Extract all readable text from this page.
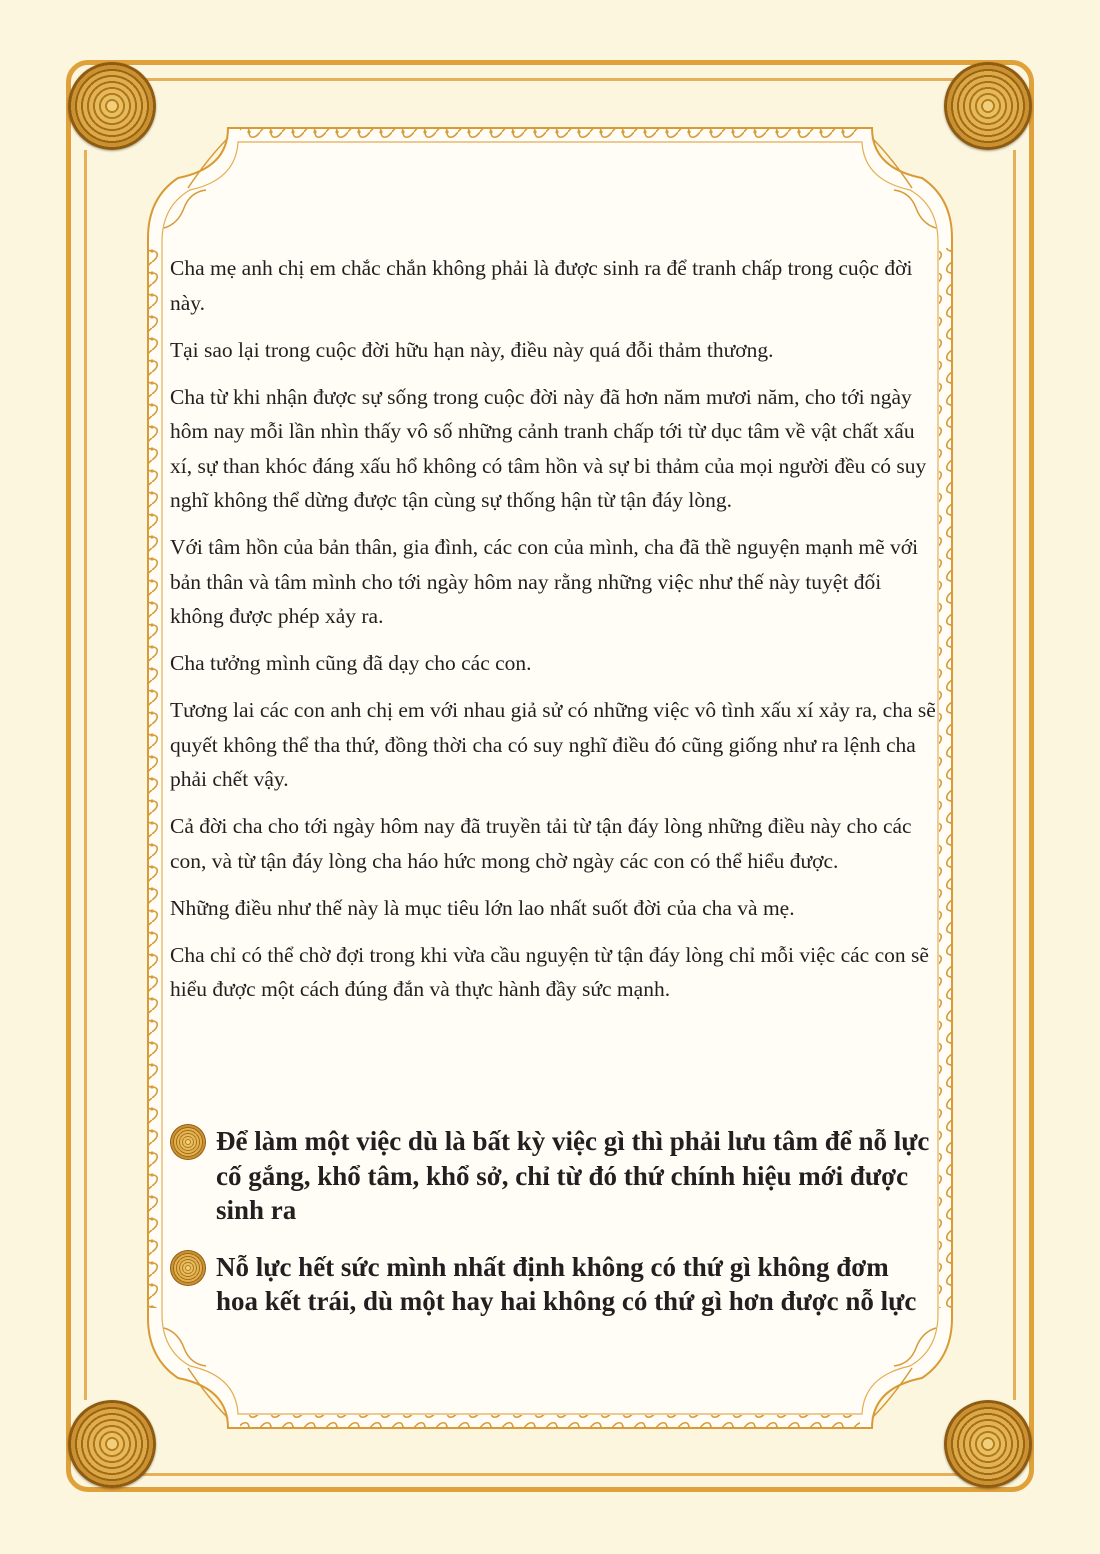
Cha mẹ anh chị em chắc chắn không phải là được sinh ra để tranh chấp trong cuộc đời này.

Tại sao lại trong cuộc đời hữu hạn này, điều này quá đỗi thảm thương.

Cha từ khi nhận được sự sống trong cuộc đời này đã hơn năm mươi năm, cho tới ngày hôm nay mỗi lần nhìn thấy vô số những cảnh tranh chấp tới từ dục tâm về vật chất xấu xí, sự than khóc đáng xấu hổ không có tâm hồn và sự bi thảm của mọi người đều có suy nghĩ không thể dừng được tận cùng sự thống hận từ tận đáy lòng.

Với tâm hồn của bản thân, gia đình, các con của mình, cha đã thề nguyện mạnh mẽ với bản thân và tâm mình cho tới ngày hôm nay rằng những việc như thế này tuyệt đối không được phép xảy ra.

Cha tưởng mình cũng đã dạy cho các con.

Tương lai các con anh chị em với nhau giả sử có những việc vô tình xấu xí xảy ra, cha sẽ quyết không thể tha thứ, đồng thời cha có suy nghĩ điều đó cũng giống như ra lệnh cha phải chết vậy.

Cả đời cha cho tới ngày hôm nay đã truyền tải từ tận đáy lòng những điều này cho các con, và từ tận đáy lòng cha háo hức mong chờ ngày các con có thể hiểu được.

Những điều như thế này là mục tiêu lớn lao nhất suốt đời của cha và mẹ.

Cha chỉ có thể chờ đợi trong khi vừa cầu nguyện từ tận đáy lòng chỉ mỗi việc các con sẽ hiểu được một cách đúng đắn và thực hành đầy sức mạnh.

Để làm một việc dù là bất kỳ việc gì thì phải lưu tâm để nỗ lực cố gắng, khổ tâm, khổ sở, chỉ từ đó thứ chính hiệu mới được sinh ra
Nỗ lực hết sức mình nhất định không có thứ gì không đơm hoa kết trái, dù một hay hai không có thứ gì hơn được nỗ lực
